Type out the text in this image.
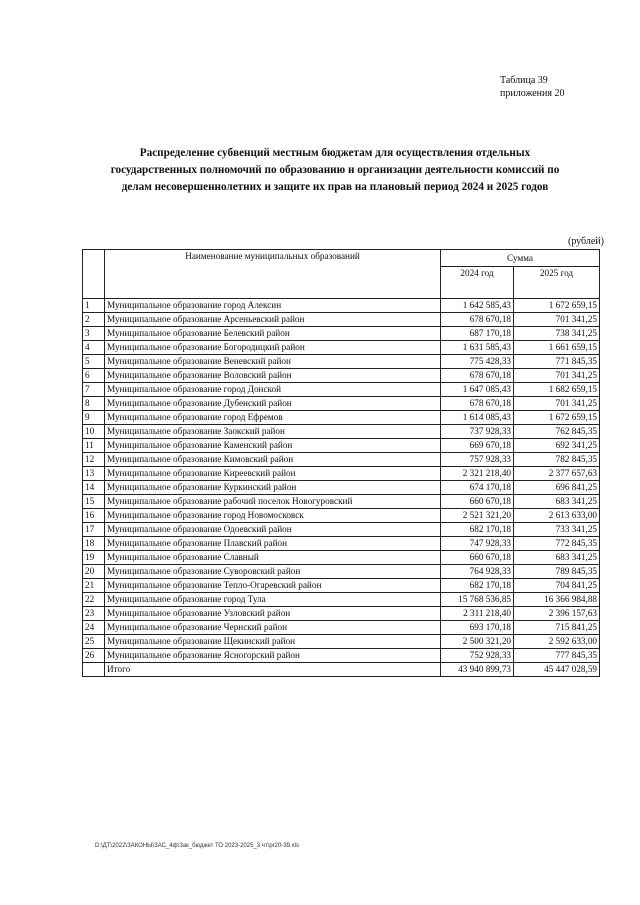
Таблица 39
приложения 20
Распределение субвенций местным бюджетам для осуществления отдельных
государственных полномочий по образованию и организации деятельности комиссий по
делам несовершеннолетних и защите их прав на плановый период 2024 и 2025 годов
(рублей)
	Наименование муниципальных образований	Сумма	
		2024 год	2025 год
1	Муниципальное образование город Алексин	1 642 585,43	1 672 659,15
2	Муниципальное образование Арсеньевский район	678 670,18	701 341,25
3	Муниципальное образование Белевский район	687 170,18	738 341,25
4	Муниципальное образование Богородицкий район	1 631 585,43	1 661 659,15
5	Муниципальное образование Веневский район	775 428,33	771 845,35
6	Муниципальное образование Воловский район	678 670,18	701 341,25
7	Муниципальное образование город Донской	1 647 085,43	1 682 659,15
8	Муниципальное образование Дубенский район	678 670,18	701 341,25
9	Муниципальное образование город Ефремов	1 614 085,43	1 672 659,15
10	Муниципальное образование Заокский район	737 928,33	762 845,35
11	Муниципальное образование Каменский район	669 670,18	692 341,25
12	Муниципальное образование Кимовский район	757 928,33	782 845,35
13	Муниципальное образование Киреевский район	2 321 218,40	2 377 657,63
14	Муниципальное образование Куркинский район	674 170,18	696 841,25
15	Муниципальное образование рабочий поселок Новогуровский	660 670,18	683 341,25
16	Муниципальное образование город Новомосковск	2 521 321,20	2 613 633,00
17	Муниципальное образование Одоевский район	682 170,18	733 341,25
18	Муниципальное образование Плавский район	747 928,33	772 845,35
19	Муниципальное образование Славный	660 670,18	683 341,25
20	Муниципальное образование Суворовский район	764 928,33	789 845,35
21	Муниципальное образование Тепло-Огаревский район	682 170,18	704 841,25
22	Муниципальное образование город Тула	15 768 536,85	16 366 984,88
23	Муниципальное образование Узловский район	2 311 218,40	2 396 157,63
24	Муниципальное образование Чернский район	693 170,18	715 841,25
25	Муниципальное образование Щекинский район	2 500 321,20	2 592 633,00
26	Муниципальное образование Ясногорский район	752 928,33	777 845,35
	Итого	43 940 899,73	45 447 028,59
D:\ДТ\2022\ЗАКОНЫ\ЗАС_4ф\Зак_бюджет ТО 2023-2025_3 чт\pr20-39.xls
